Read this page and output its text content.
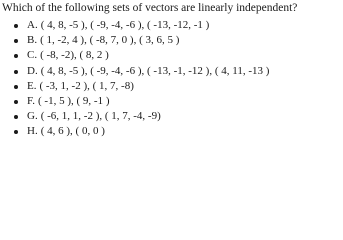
Which of the following sets of vectors are linearly independent?
A. ( 4, 8, -5 ), ( -9, -4, -6 ), ( -13, -12, -1 )
B. ( 1, -2, 4 ), ( -8, 7, 0 ), ( 3, 6, 5 )
C. ( -8, -2), ( 8, 2 )
D. ( 4, 8, -5 ), ( -9, -4, -6 ), ( -13, -1, -12 ), ( 4, 11, -13 )
E. ( -3, 1, -2 ), ( 1, 7, -8)
F. ( -1, 5 ), ( 9, -1 )
G. ( -6, 1, 1, -2 ), ( 1, 7, -4, -9)
H. ( 4, 6 ), ( 0, 0 )
